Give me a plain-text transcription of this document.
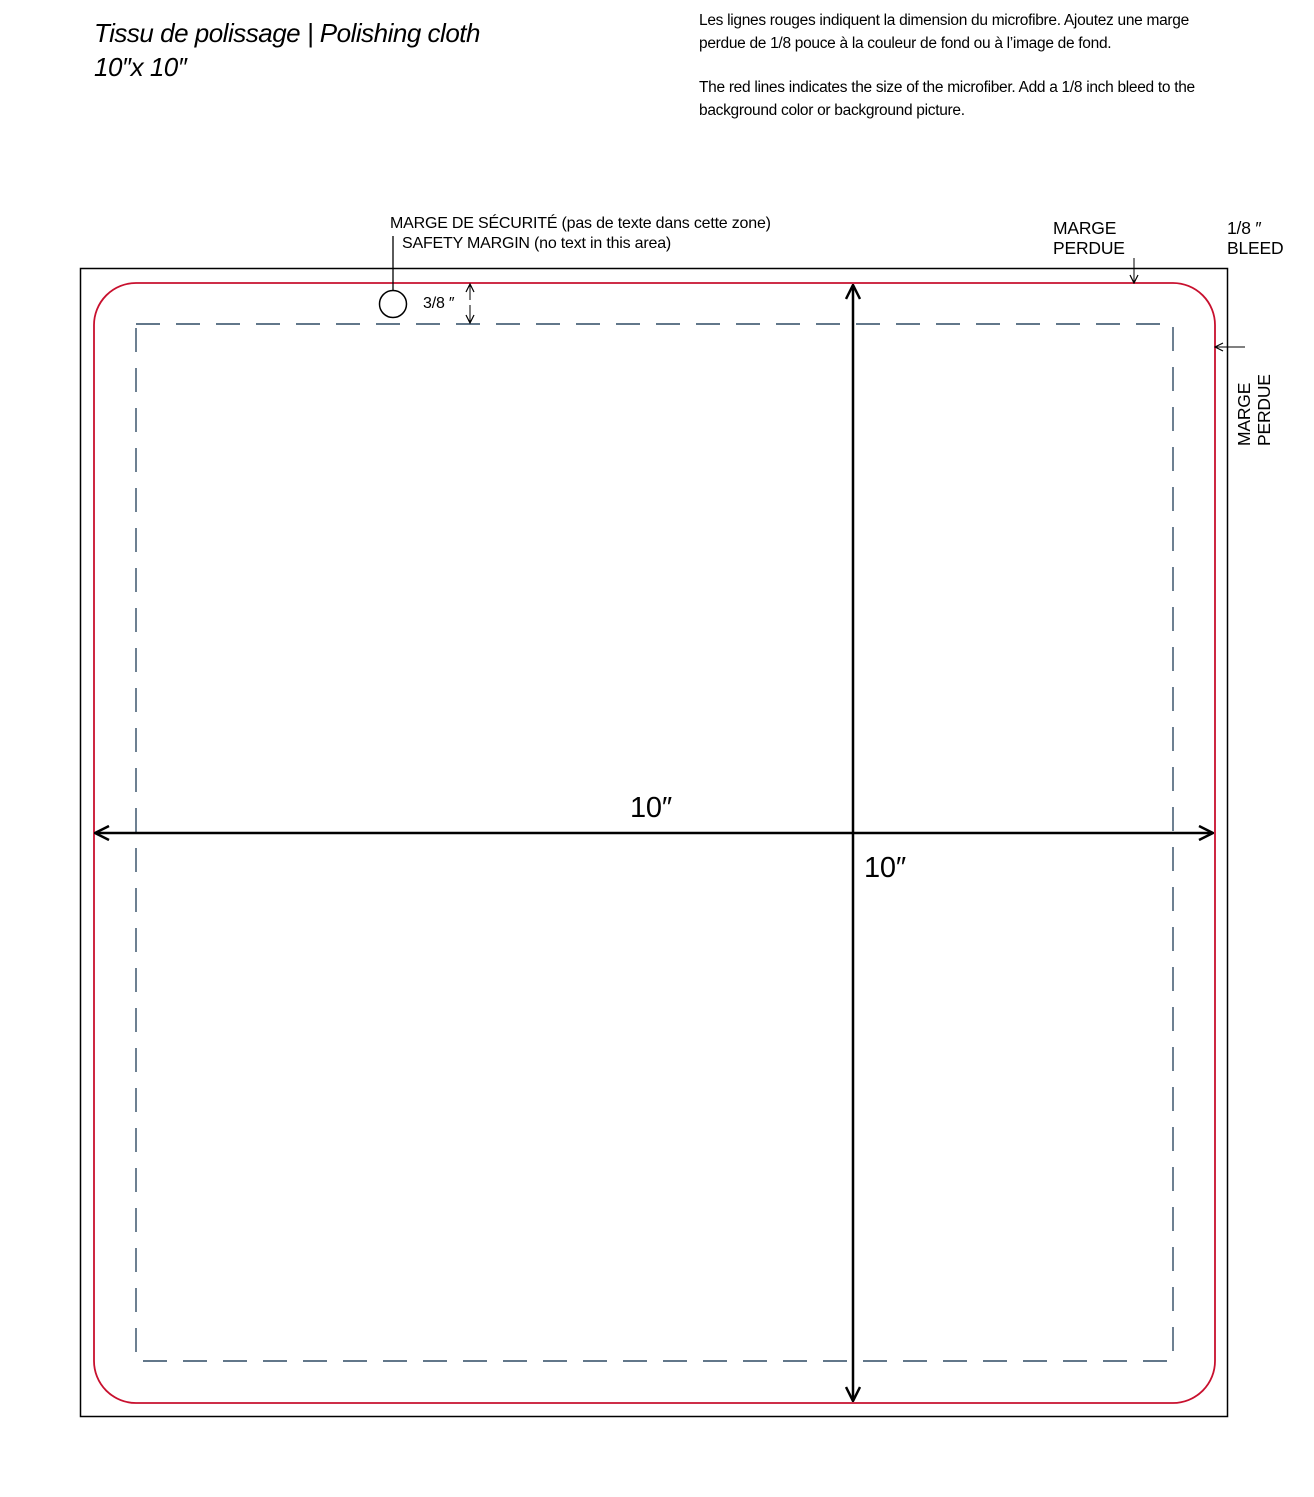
Tissu de polissage | Polishing cloth
10″x 10″

Les lignes rouges indiquent la dimension du microfibre. Ajoutez une marge perdue de 1/8 pouce à la couleur de fond ou à l’image de fond.

The red lines indicates the size of the microfiber. Add a 1/8 inch bleed to the background color or background picture.

MARGE DE SÉCURITÉ (pas de texte dans cette zone)
SAFETY MARGIN (no text in this area)
MARGE
PERDUE
1/8 ″
BLEED
MARGE PERDUE
3/8 ″
10″
10″
